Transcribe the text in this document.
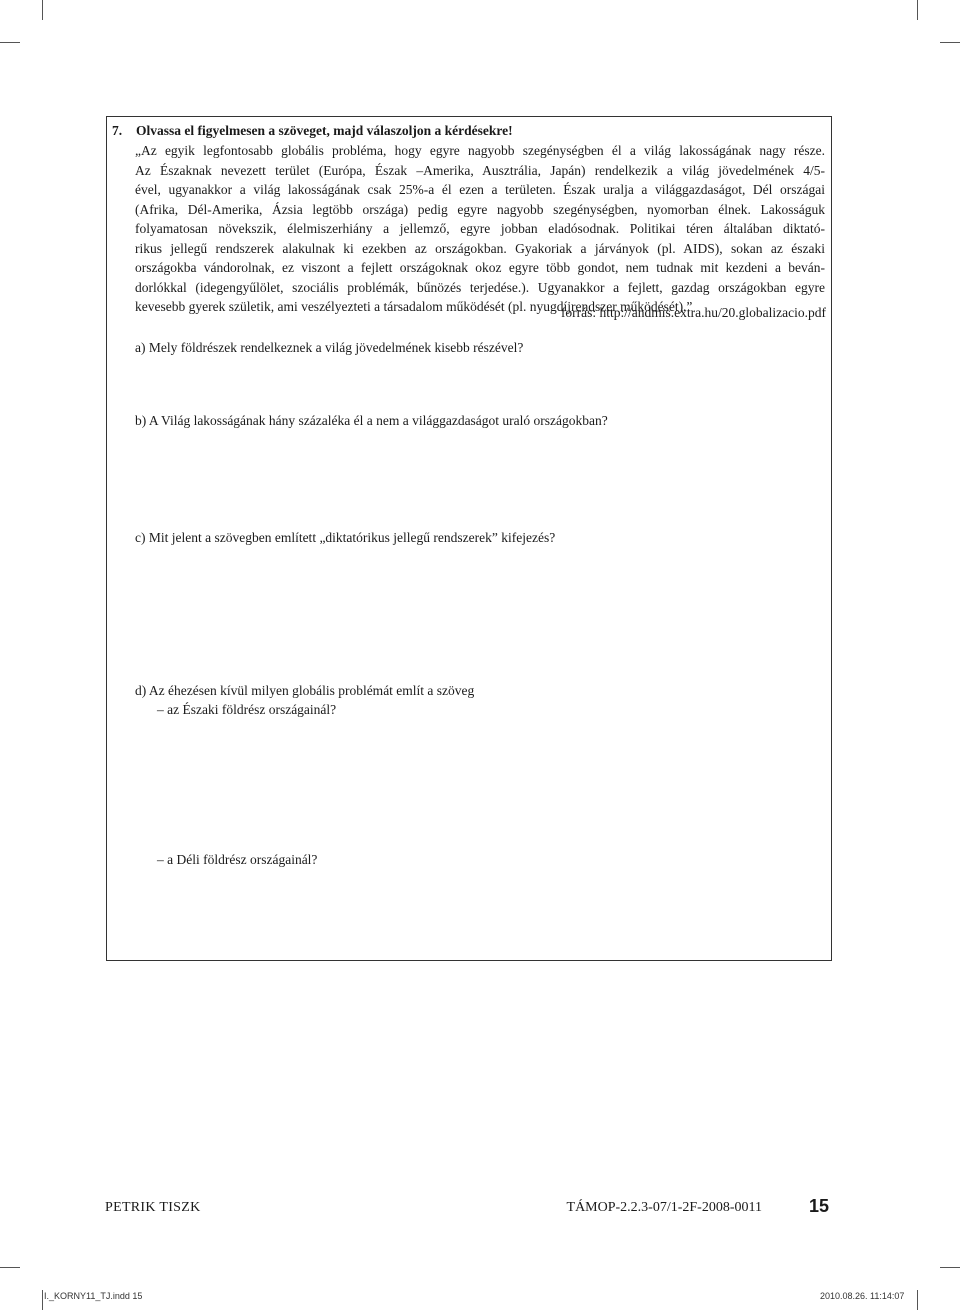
7. Olvassa el figyelmesen a szöveget, majd válaszoljon a kérdésekre!
„Az egyik legfontosabb globális probléma, hogy egyre nagyobb szegénységben él a világ lakosságának nagy része.
Az Északnak nevezett terület (Európa, Észak –Amerika, Ausztrália, Japán) rendelkezik a világ jövedelmének 4/5-
ével, ugyanakkor a világ lakosságának csak 25%-a él ezen a területen. Észak uralja a világgazdaságot, Dél országai
(Afrika, Dél-Amerika, Ázsia legtöbb országa) pedig egyre nagyobb szegénységben, nyomorban élnek. Lakosságuk
folyamatosan növekszik, élelmiszerhiány a jellemző, egyre jobban eladósodnak. Politikai téren általában diktató-
rikus jellegű rendszerek alakulnak ki ezekben az országokban. Gyakoriak a járványok (pl. AIDS), sokan az északi
országokba vándorolnak, ez viszont a fejlett országoknak okoz egyre több gondot, nem tudnak mit kezdeni a beván-
dorlókkal (idegengyűlölet, szociális problémák, bűnözés terjedése.). Ugyanakkor a fejlett, gazdag országokban egyre
kevesebb gyerek születik, ami veszélyezteti a társadalom működését (pl. nyugdíjrendszer működését).”
forrás: http://andmis.extra.hu/20.globalizacio.pdf
a) Mely földrészek rendelkeznek a világ jövedelmének kisebb részével?
b) A Világ lakosságának hány százaléka él a nem a világgazdaságot uraló országokban?
c) Mit jelent a szövegben említett „diktatórikus jellegű rendszerek” kifejezés?
d) Az éhezésen kívül milyen globális problémát említ a szöveg
– az Északi földrész országainál?
– a Déli földrész országainál?
PETRIK TISZK	TÁMOP-2.2.3-07/1-2F-2008-0011	15
I._KORNY11_TJ.indd 15	2010.08.26. 11:14:07
